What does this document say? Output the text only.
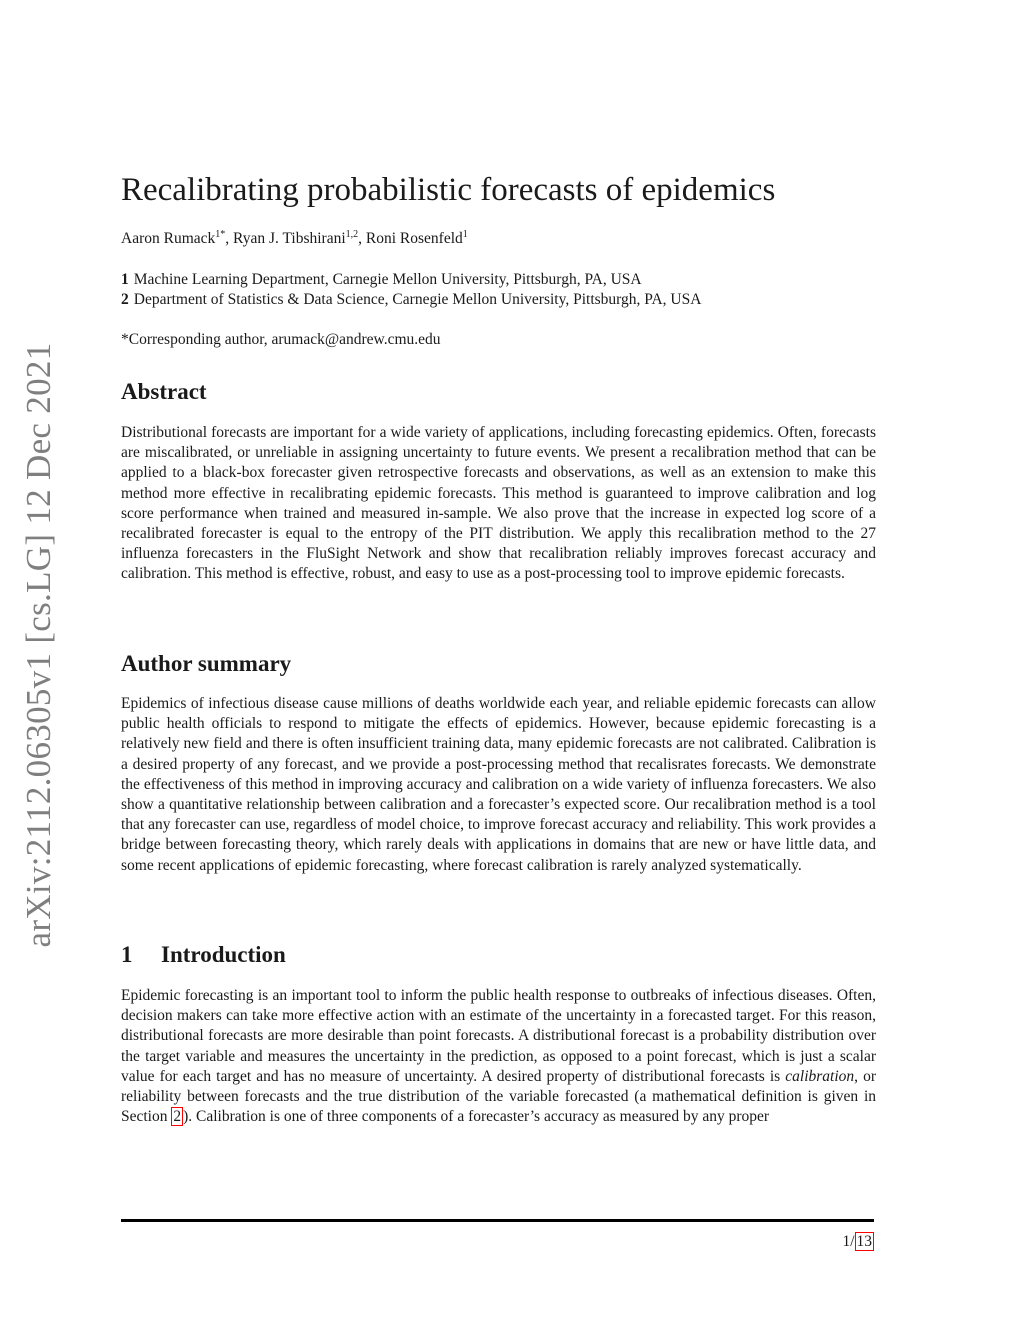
arXiv:2112.06305v1 [cs.LG] 12 Dec 2021
Recalibrating probabilistic forecasts of epidemics
Aaron Rumack$^{1*}$, Ryan J. Tibshirani$^{1,2}$, Roni Rosenfeld$^1$
1 Machine Learning Department, Carnegie Mellon University, Pittsburgh, PA, USA
2 Department of Statistics & Data Science, Carnegie Mellon University, Pittsburgh, PA, USA
*Corresponding author, arumack@andrew.cmu.edu
Abstract

Distributional forecasts are important for a wide variety of applications, including forecasting epidemics. Often, forecasts are miscalibrated, or unreliable in assigning uncertainty to future events. We present a recalibration method that can be applied to a black-box forecaster given retrospective forecasts and observations, as well as an extension to make this method more effective in recalibrating epidemic forecasts. This method is guaranteed to improve calibration and log score performance when trained and measured in-sample. We also prove that the increase in expected log score of a recalibrated forecaster is equal to the entropy of the PIT distribution. We apply this recalibration method to the 27 influenza forecasters in the FluSight Network and show that recalibration reliably improves forecast accuracy and calibration. This method is effective, robust, and easy to use as a post-processing tool to improve epidemic forecasts.

Author summary

Epidemics of infectious disease cause millions of deaths worldwide each year, and reliable epidemic forecasts can allow public health officials to respond to mitigate the effects of epidemics. However, because epidemic forecasting is a relatively new field and there is often insufficient training data, many epidemic forecasts are not calibrated. Calibration is a desired property of any forecast, and we provide a post-processing method that recalisrates forecasts. We demonstrate the effectiveness of this method in improving accuracy and calibration on a wide variety of influenza forecasters. We also show a quantitative relationship between calibration and a forecaster’s expected score. Our recalibration method is a tool that any forecaster can use, regardless of model choice, to improve forecast accuracy and reliability. This work provides a bridge between forecasting theory, which rarely deals with applications in domains that are new or have little data, and some recent applications of epidemic forecasting, where forecast calibration is rarely analyzed systematically.

1 Introduction

Epidemic forecasting is an important tool to inform the public health response to outbreaks of infectious diseases. Often, decision makers can take more effective action with an estimate of the uncertainty in a forecasted target. For this reason, distributional forecasts are more desirable than point forecasts. A distributional forecast is a probability distribution over the target variable and measures the uncertainty in the prediction, as opposed to a point forecast, which is just a scalar value for each target and has no measure of uncertainty. A desired property of distributional forecasts is calibration, or reliability between forecasts and the true distribution of the variable forecasted (a mathematical definition is given in Section 2 ). Calibration is one of three components of a forecaster’s accuracy as measured by any proper

1/ 13
